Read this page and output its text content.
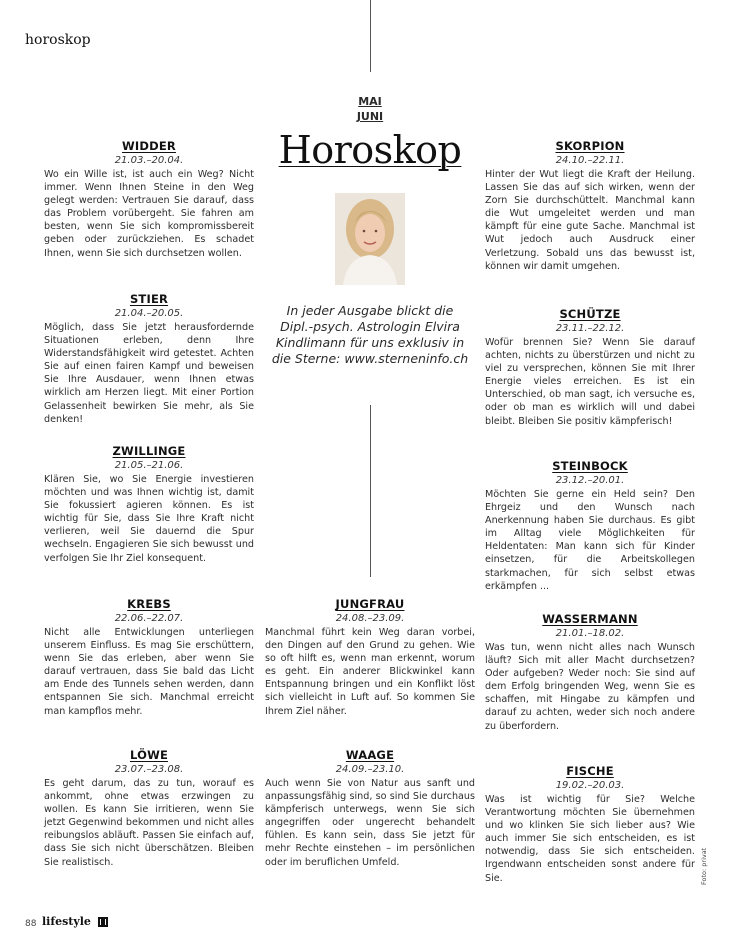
horoskop
MAI
JUNI
Horoskop
In jeder Ausgabe blickt die Dipl.-psych. Astrologin Elvira Kindlimann für uns exklusiv in die Sterne: www.sterneninfo.ch
WIDDER
21.03.–20.04.

Wo ein Wille ist, ist auch ein Weg? Nicht immer. Wenn Ihnen Steine in den Weg gelegt werden: Vertrauen Sie darauf, dass das Problem vorübergeht. Sie fahren am besten, wenn Sie sich kompromissbereit geben oder zurückziehen. Es schadet Ihnen, wenn Sie sich durchsetzen wollen.

STIER
21.04.–20.05.

Möglich, dass Sie jetzt herausfordernde Situationen erleben, denn Ihre Widerstandsfähigkeit wird getestet. Achten Sie auf einen fairen Kampf und beweisen Sie Ihre Ausdauer, wenn Ihnen etwas wirklich am Herzen liegt. Mit einer Portion Gelassenheit bewirken Sie mehr, als Sie denken!

ZWILLINGE
21.05.–21.06.

Klären Sie, wo Sie Energie investieren möchten und was Ihnen wichtig ist, damit Sie fokussiert agieren können. Es ist wichtig für Sie, dass Sie Ihre Kraft nicht verlieren, weil Sie dauernd die Spur wechseln. Engagieren Sie sich bewusst und verfolgen Sie Ihr Ziel konsequent.

KREBS
22.06.–22.07.

Nicht alle Entwicklungen unterliegen unserem Einfluss. Es mag Sie erschüttern, wenn Sie das erleben, aber wenn Sie darauf vertrauen, dass Sie bald das Licht am Ende des Tunnels sehen werden, dann entspannen Sie sich. Manchmal erreicht man kampflos mehr.

LÖWE
23.07.–23.08.

Es geht darum, das zu tun, worauf es ankommt, ohne etwas erzwingen zu wollen. Es kann Sie irritieren, wenn Sie jetzt Gegenwind bekommen und nicht alles reibungslos abläuft. Passen Sie einfach auf, dass Sie sich nicht überschätzen. Bleiben Sie realistisch.

JUNGFRAU
24.08.–23.09.

Manchmal führt kein Weg daran vorbei, den Dingen auf den Grund zu gehen. Wie so oft hilft es, wenn man erkennt, worum es geht. Ein anderer Blickwinkel kann Entspannung bringen und ein Konflikt löst sich vielleicht in Luft auf. So kommen Sie Ihrem Ziel näher.

WAAGE
24.09.–23.10.

Auch wenn Sie von Natur aus sanft und anpassungsfähig sind, so sind Sie durchaus kämpferisch unterwegs, wenn Sie sich angegriffen oder ungerecht behandelt fühlen. Es kann sein, dass Sie jetzt für mehr Rechte einstehen – im persönlichen oder im beruflichen Umfeld.

SKORPION
24.10.–22.11.

Hinter der Wut liegt die Kraft der Heilung. Lassen Sie das auf sich wirken, wenn der Zorn Sie durchschüttelt. Manchmal kann die Wut umgeleitet werden und man kämpft für eine gute Sache. Manchmal ist Wut jedoch auch Ausdruck einer Verletzung. Sobald uns das bewusst ist, können wir damit umgehen.

SCHÜTZE
23.11.–22.12.

Wofür brennen Sie? Wenn Sie darauf achten, nichts zu überstürzen und nicht zu viel zu versprechen, können Sie mit Ihrer Energie vieles erreichen. Es ist ein Unterschied, ob man sagt, ich versuche es, oder ob man es wirklich will und dabei bleibt. Bleiben Sie positiv kämpferisch!

STEINBOCK
23.12.–20.01.

Möchten Sie gerne ein Held sein? Den Ehrgeiz und den Wunsch nach Anerkennung haben Sie durchaus. Es gibt im Alltag viele Möglichkeiten für Heldentaten: Man kann sich für Kinder einsetzen, für die Arbeitskollegen starkmachen, für sich selbst etwas erkämpfen ...

WASSERMANN
21.01.–18.02.

Was tun, wenn nicht alles nach Wunsch läuft? Sich mit aller Macht durchsetzen? Oder aufgeben? Weder noch: Sie sind auf dem Erfolg bringenden Weg, wenn Sie es schaffen, mit Hingabe zu kämpfen und darauf zu achten, weder sich noch andere zu überfordern.

FISCHE
19.02.–20.03.

Was ist wichtig für Sie? Welche Verantwortung möchten Sie übernehmen und wo klinken Sie sich lieber aus? Wie auch immer Sie sich entscheiden, es ist notwendig, dass Sie sich entscheiden. Irgendwann entscheiden sonst andere für Sie.	Foto: privat
88 lifestyle
